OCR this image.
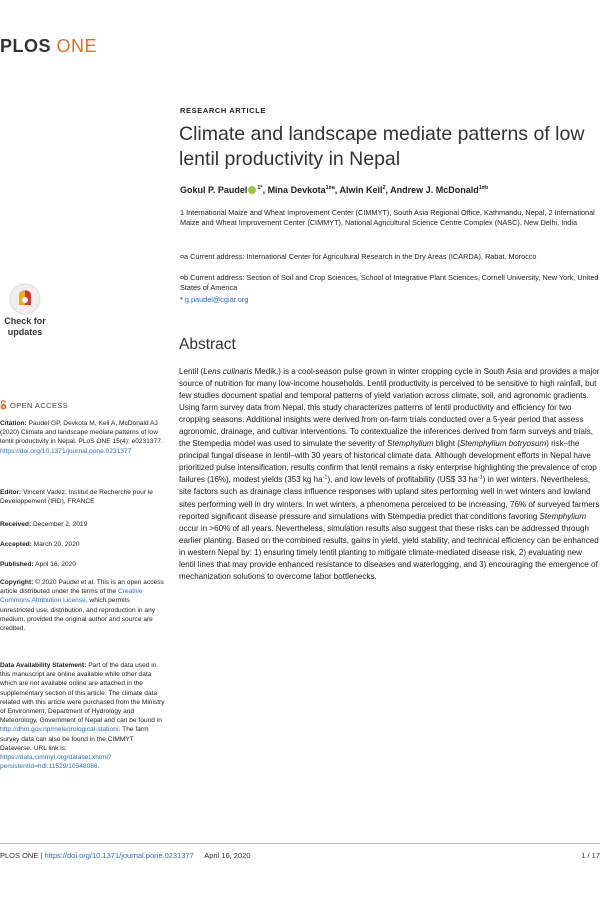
PLOS ONE
RESEARCH ARTICLE
Climate and landscape mediate patterns of low lentil productivity in Nepal
Gokul P. Paudel $^{1*}$, Mina Devkota$^{1¤a}$, Alwin Keil$^2$, Andrew J. McDonald$^{1¤b}$
1 International Maize and Wheat Improvement Center (CIMMYT), South Asia Regional Office, Kathmandu, Nepal, 2 International Maize and Wheat Improvement Center (CIMMYT), National Agricultural Science Centre Complex (NASC), New Delhi, India
¤a Current address: International Center for Agricultural Research in the Dry Areas (ICARDA), Rabat, Morocco
¤b Current address: Section of Soil and Crop Sciences, School of Integrative Plant Sciences, Cornell University, New York, United States of America
* g.paudel@cgiar.org
Check for
updates
OPEN ACCESS
Citation: Paudel GP, Devkota M, Keil A, McDonald AJ (2020) Climate and landscape mediate patterns of low lentil productivity in Nepal. PLoS ONE 15(4): e0231377. https://doi.org/10.1371/journal.pone.0231377
Editor: Vincent Vadez, Institut de Recherche pour le Developpement (IRD), FRANCE
Received: December 2, 2019
Accepted: March 20, 2020
Published: April 16, 2020
Copyright: © 2020 Paudel et al. This is an open access article distributed under the terms of the Creative Commons Attribution License, which permits unrestricted use, distribution, and reproduction in any medium, provided the original author and source are credited.
Data Availability Statement: Part of the data used in this manuscript are online available while other data which are not available online are attached in the supplementary section of this article. The climate data related with this article were purchased from the Ministry of Environment, Department of Hydrology and Meteorology, Government of Nepal and can be found in http://dhm.gov.np/meteorological-station/. The farm survey data can also be found in the CIMMYT Dataverse. URL link is: https://data.cimmyt.org/dataset.xhtml?persistentId=hdl:11529/10548086.
Abstract

Lentil (Lens culinaris Medik.) is a cool-season pulse grown in winter cropping cycle in South Asia and provides a major source of nutrition for many low-income households. Lentil productivity is perceived to be sensitive to high rainfall, but few studies document spatial and temporal patterns of yield variation across climate, soil, and agronomic gradients. Using farm survey data from Nepal, this study characterizes patterns of lentil productivity and efficiency for two cropping seasons. Additional insights were derived from on-farm trials conducted over a 5-year period that assess agronomic, drainage, and cultivar interventions. To contextualize the inferences derived from farm surveys and trials, the Stempedia model was used to simulate the severity of Stemphylium blight (Stemphylium botryosum) risk–the principal fungal disease in lentil–with 30 years of historical climate data. Although development efforts in Nepal have prioritized pulse intensification, results confirm that lentil remains a risky enterprise highlighting the prevalence of crop failures (16%), modest yields (353 kg $ha^{-1}$), and low levels of profitability (US$ 33 $ha^{-1}$) in wet winters. Nevertheless, site factors such as drainage class influence responses with upland sites performing well in wet winters and lowland sites performing well in dry winters. In wet winters, a phenomena perceived to be increasing, 76% of surveyed farmers reported significant disease pressure and simulations with Stempedia predict that conditions favoring Stemphylium occur in >60% of all years. Nevertheless, simulation results also suggest that these risks can be addressed through earlier planting. Based on the combined results, gains in yield, yield stability, and technical efficiency can be enhanced in western Nepal by: 1) ensuring timely lentil planting to mitigate climate-mediated disease risk, 2) evaluating new lentil lines that may provide enhanced resistance to diseases and waterlogging, and 3) encouraging the emergence of mechanization solutions to overcome labor bottlenecks.

PLOS ONE | https://doi.org/10.1371/journal.pone.0231377 April 16, 2020	1 / 17
